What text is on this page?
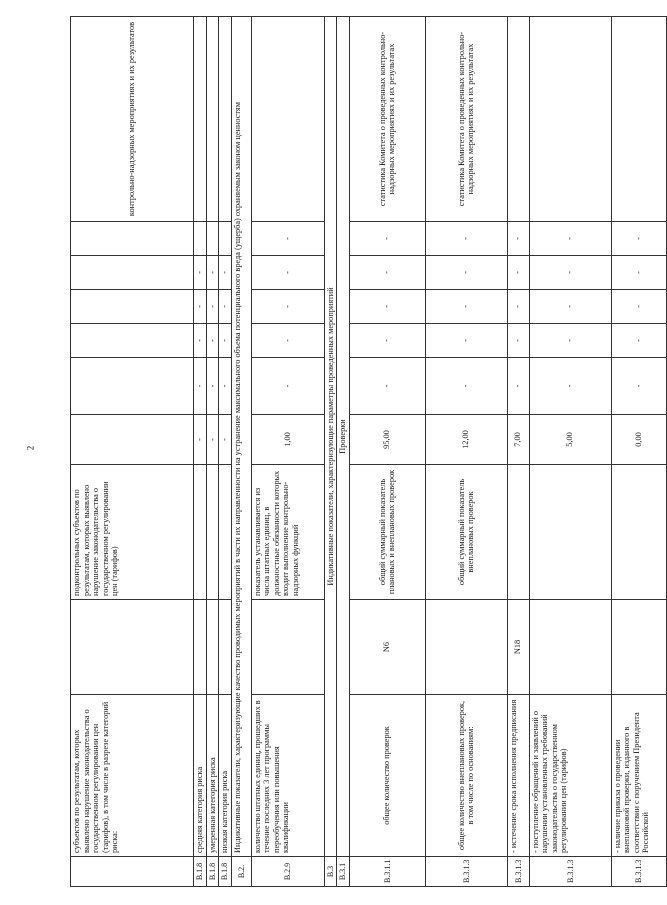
2
	субъектов по результатам, которых выявлено нарушение законодательства о государственном регулировании цен (тарифов), в том числе в разрезе категорий риска:		подконтрольных субъектов по результатам, которых выявлено нарушение законодательства о государственном регулировании цен (тарифов)							контрольно-надзорных мероприятиях и их результатов
В.1.8	средняя категория риска			-	-	-	-	-		
В.1.8	умеренная категория риска			-	-	-	-	-		
В.1.8	низкая категория риска			-	-	-	-	-		
В.2.	Индикативные показатели, характеризующие качество проводимых мероприятий в части их направленности на устранение максимального объема потенциального вреда (ущерба) охраняемым законом ценностям									
В.2.9	количество штатных единиц, прошедших в течение последних 3 лет программы переобучения или повышения квалификации		показатель устанавливается из числа штатных единиц, в должностные обязанности которых входит выполнение контрольно-надзорных функций	1,00	-	-	-	-	-	
В.3	Индикативные показатели, характеризующие параметры проведенных мероприятий									
В.3.1	Проверки									
В.3.1.1	общее количество проверок	N6	общий суммарный показатель плановых и внеплановых проверок	95,00	-	-	-	-	-	статистика Комитета о проведенных контрольно-надзорных мероприятиях и их результатах
В.3.1.3	общее количество внеплановых проверок, в том числе по основаниям:		общий суммарный показатель внеплановых проверок	12,00	-	-	-	-	-	статистика Комитета о проведенных контрольно-надзорных мероприятиях и их результатах
В.3.1.3	- истечение срока исполнения предписания	N18		7,00	-	-	-	-	-	
В.3.1.3	- поступление обращений и заявлений о нарушении установленных требований законодательства о государственном регулировании цен (тарифов)			5,00	-	-	-	-	-	
В.3.1.3	- наличие приказа о проведении внеплановой проверки, изданного в соответствии с поручением Президента Российской			0,00	-	-	-	-	-	
